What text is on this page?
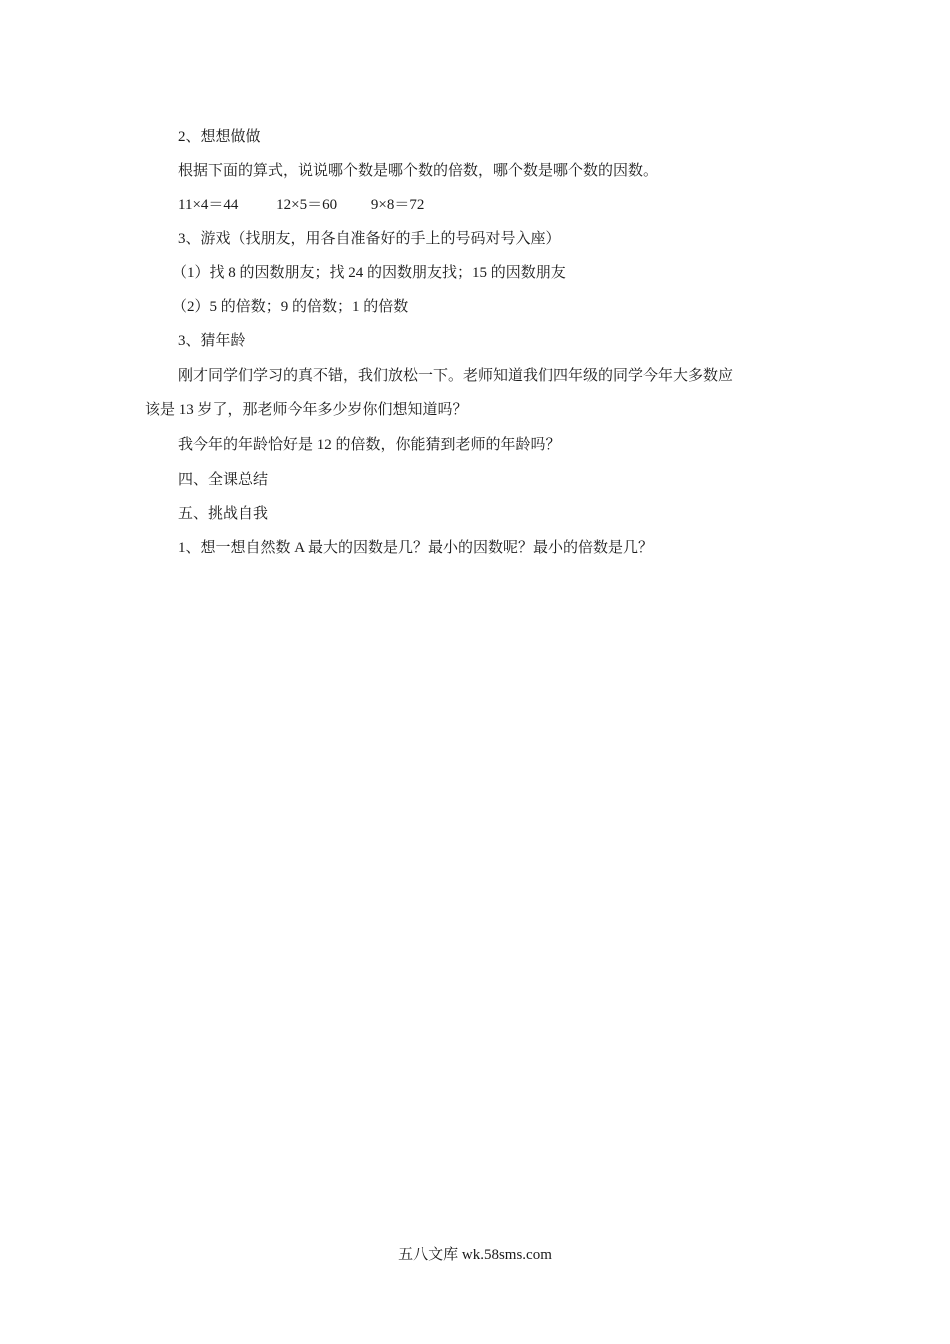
2、想想做做
根据下面的算式，说说哪个数是哪个数的倍数，哪个数是哪个数的因数。
11×4＝44	12×5＝60 9×8＝72
3、游戏（找朋友，用各自准备好的手上的号码对号入座）
（1）找 8 的因数朋友；找 24 的因数朋友找；15 的因数朋友
（2）5 的倍数；9 的倍数；1 的倍数
3、猜年龄
刚才同学们学习的真不错，我们放松一下。老师知道我们四年级的同学今年大多数应
该是 13 岁了，那老师今年多少岁你们想知道吗？
我今年的年龄恰好是 12 的倍数，你能猜到老师的年龄吗？
四、全课总结
五、挑战自我
1、想一想自然数 A 最大的因数是几？最小的因数呢？最小的倍数是几？
五八文库 wk.58sms.com
